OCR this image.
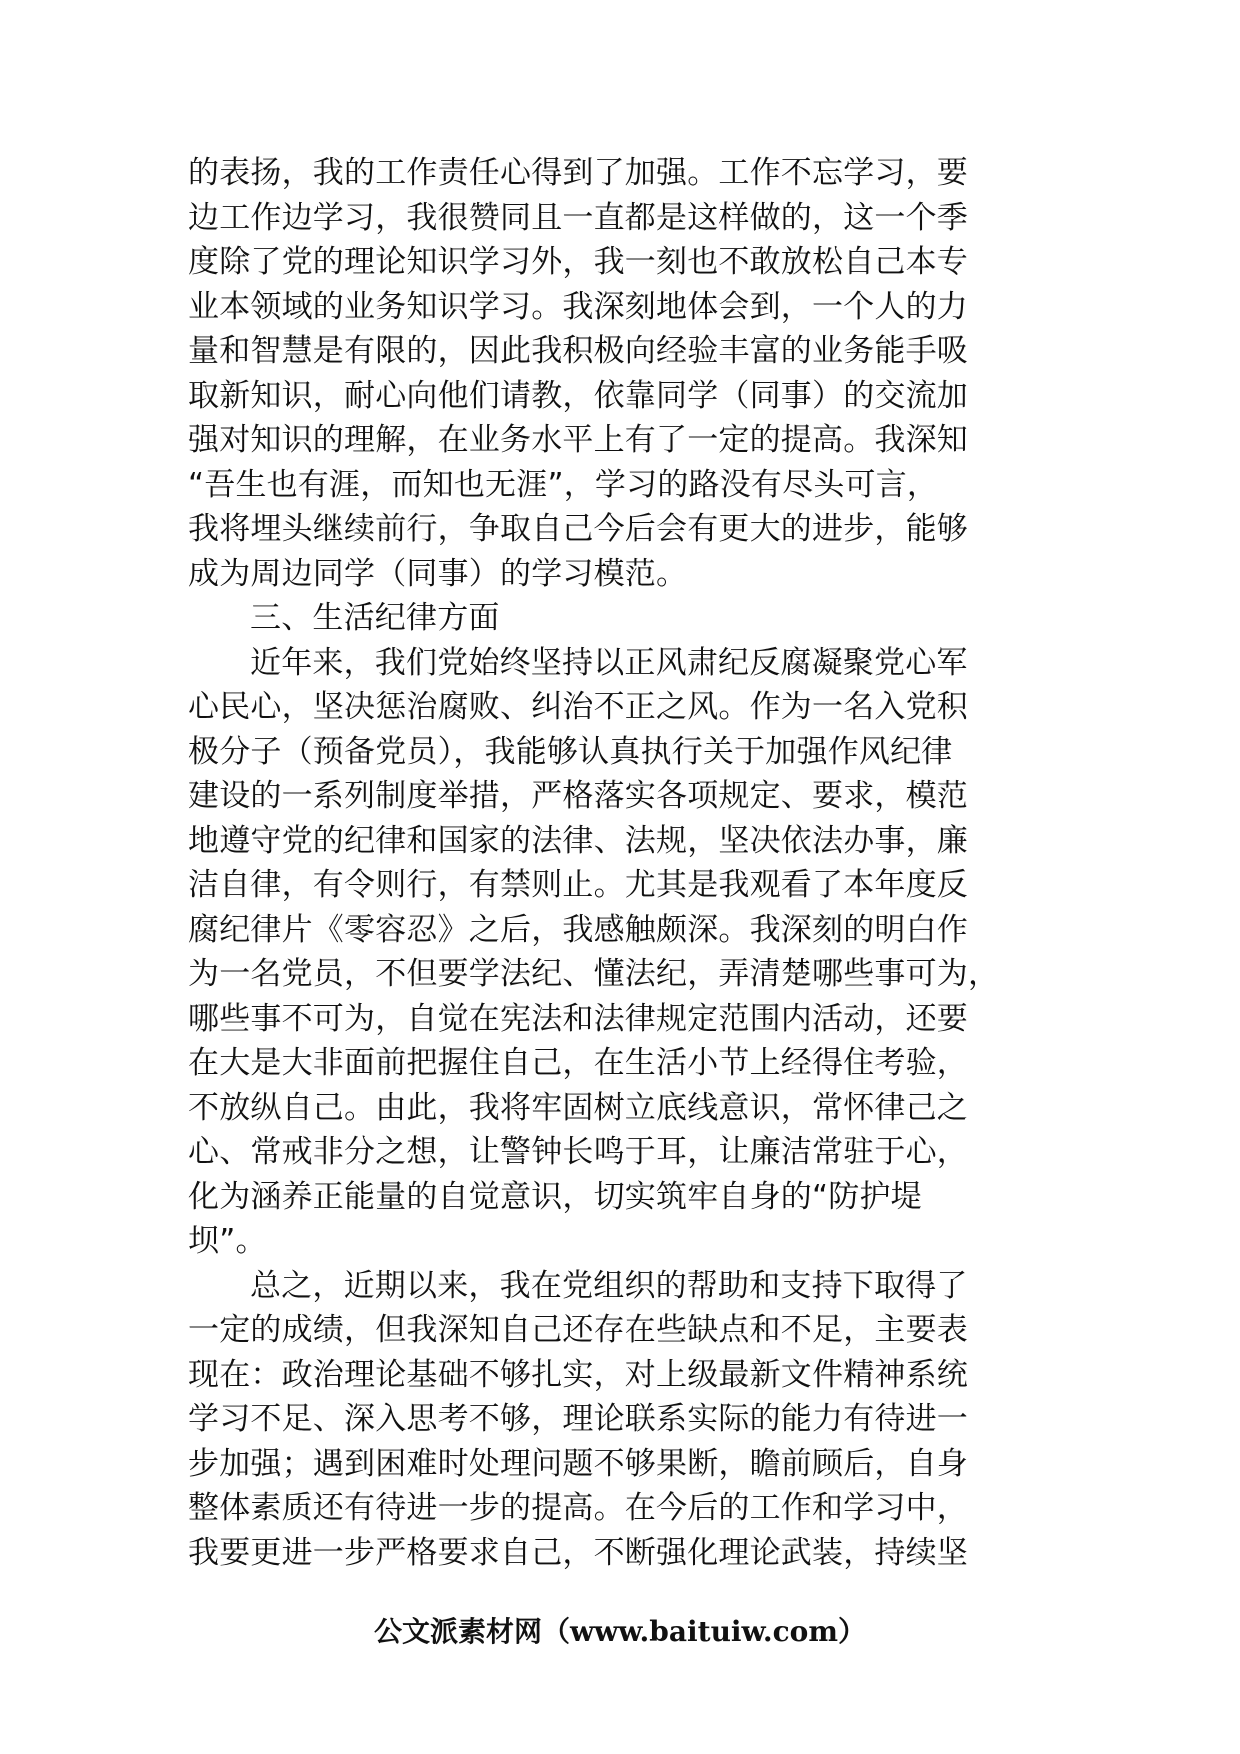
的表扬，我的工作责任心得到了加强。工作不忘学习，要
边工作边学习，我很赞同且一直都是这样做的，这一个季
度除了党的理论知识学习外，我一刻也不敢放松自己本专
业本领域的业务知识学习。我深刻地体会到，一个人的力
量和智慧是有限的，因此我积极向经验丰富的业务能手吸
取新知识，耐心向他们请教，依靠同学（同事）的交流加
强对知识的理解，在业务水平上有了一定的提高。我深知
“吾生也有涯，而知也无涯”，学习的路没有尽头可言，
我将埋头继续前行，争取自己今后会有更大的进步，能够
成为周边同学（同事）的学习模范。
三、生活纪律方面
近年来，我们党始终坚持以正风肃纪反腐凝聚党心军
心民心，坚决惩治腐败、纠治不正之风。作为一名入党积
极分子（预备党员），我能够认真执行关于加强作风纪律
建设的一系列制度举措，严格落实各项规定、要求，模范
地遵守党的纪律和国家的法律、法规，坚决依法办事，廉
洁自律，有令则行，有禁则止。尤其是我观看了本年度反
腐纪律片《零容忍》之后，我感触颇深。我深刻的明白作
为一名党员，不但要学法纪、懂法纪，弄清楚哪些事可为，
哪些事不可为，自觉在宪法和法律规定范围内活动，还要
在大是大非面前把握住自己，在生活小节上经得住考验，
不放纵自己。由此，我将牢固树立底线意识，常怀律己之
心、常戒非分之想，让警钟长鸣于耳，让廉洁常驻于心，
化为涵养正能量的自觉意识，切实筑牢自身的“防护堤
坝”。
总之，近期以来，我在党组织的帮助和支持下取得了
一定的成绩，但我深知自己还存在些缺点和不足，主要表
现在：政治理论基础不够扎实，对上级最新文件精神系统
学习不足、深入思考不够，理论联系实际的能力有待进一
步加强；遇到困难时处理问题不够果断，瞻前顾后，自身
整体素质还有待进一步的提高。在今后的工作和学习中，
我要更进一步严格要求自己，不断强化理论武装，持续坚
公文派素材网（www.baituiw.com）
